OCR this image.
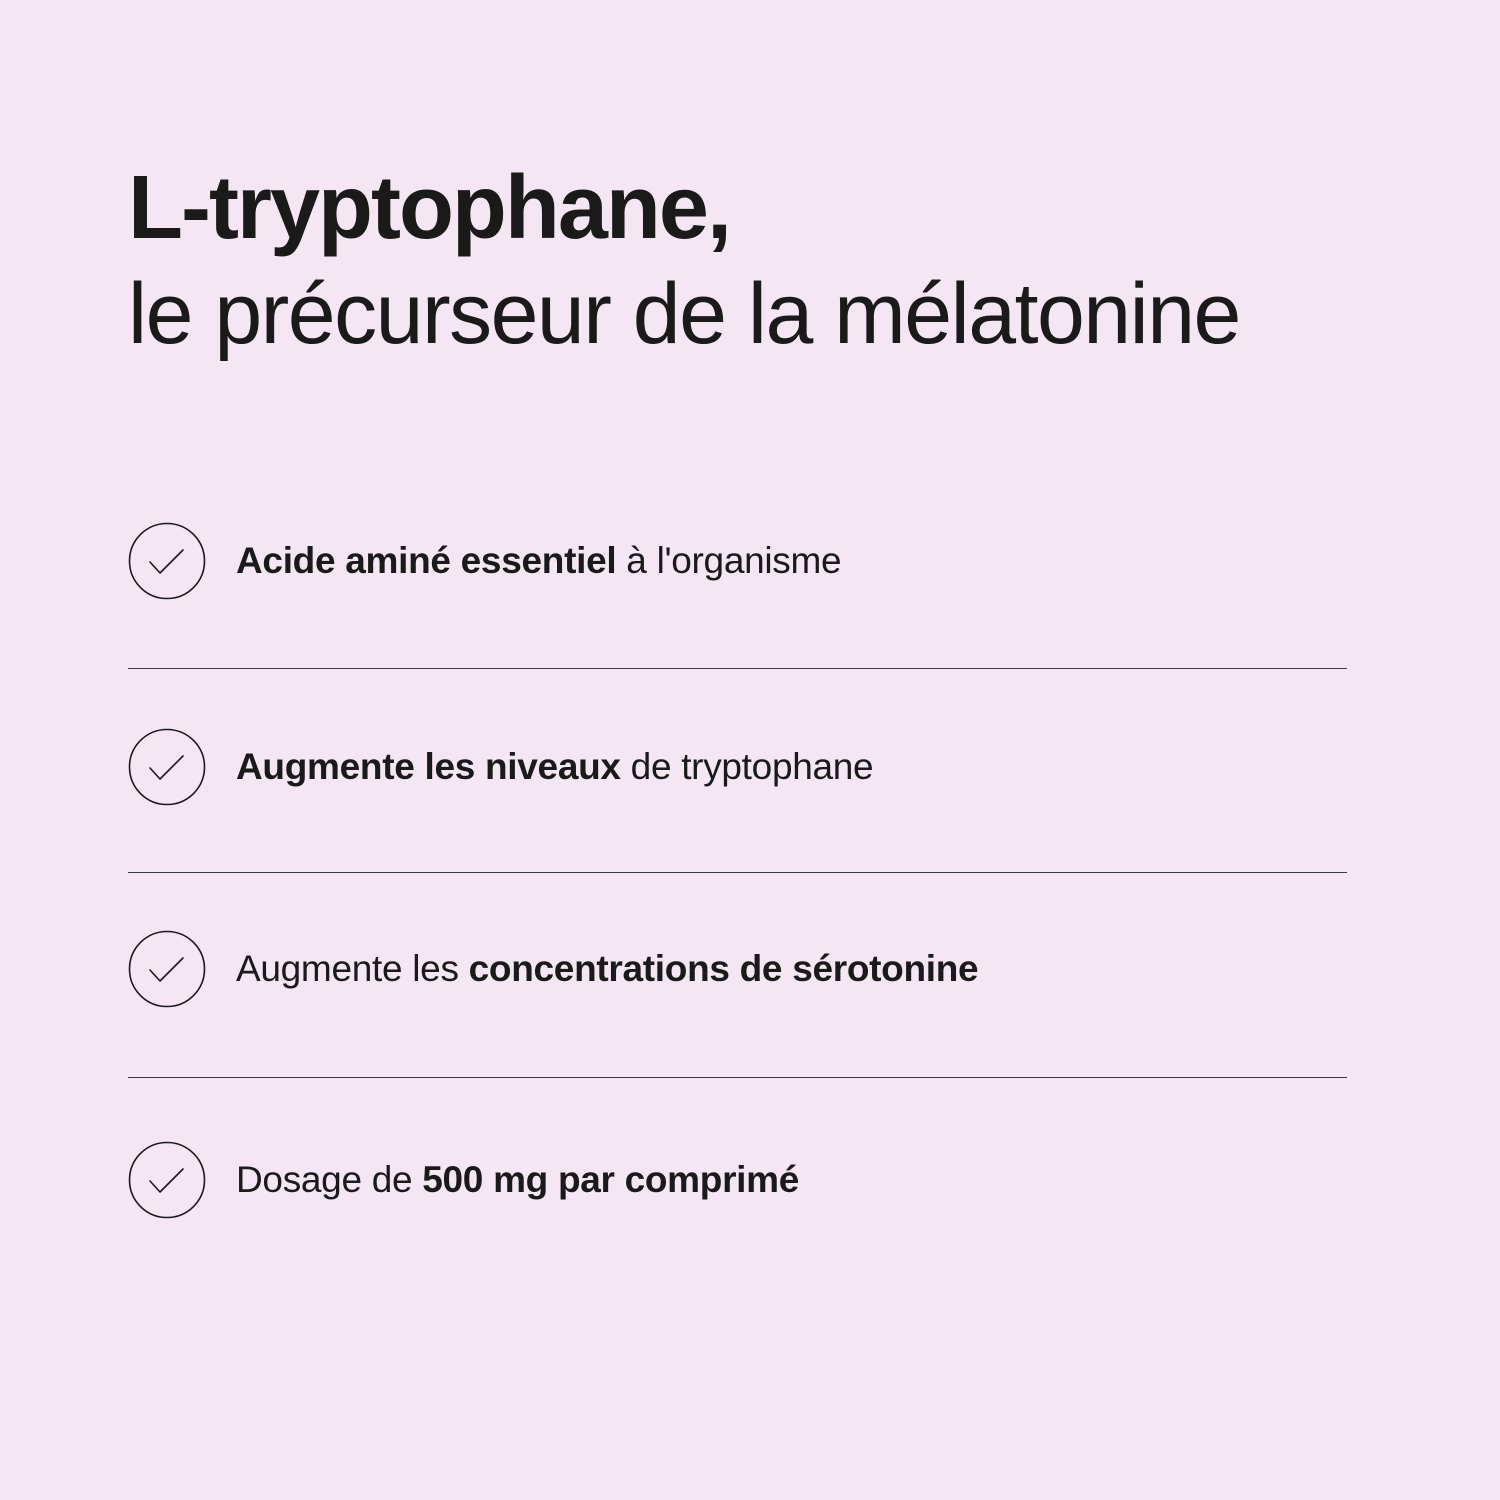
L-tryptophane,
le précurseur de la mélatonine
Acide aminé essentiel à l'organisme
Augmente les niveaux de tryptophane
Augmente les concentrations de sérotonine
Dosage de 500 mg par comprimé
